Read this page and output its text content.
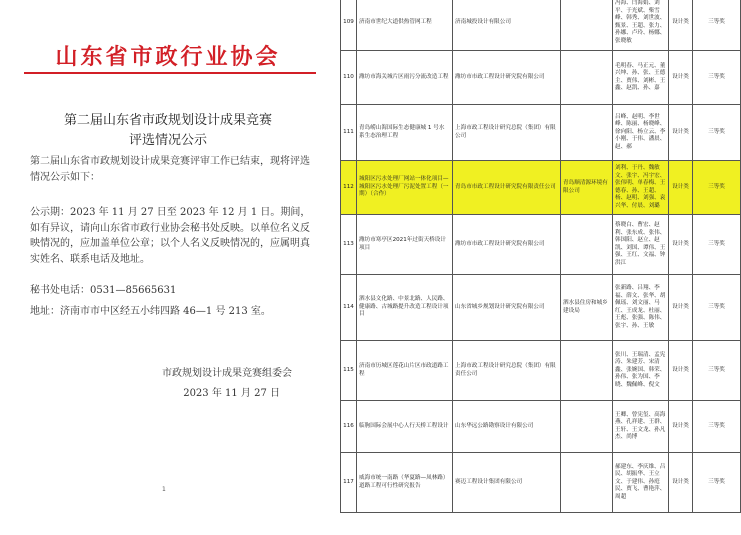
山东省市政行业协会
第二届山东省市政规划设计成果竞赛
评选情况公示
第二届山东省市政规划设计成果竞赛评审工作已结束，现将评选情况公示如下：
公示期：2023 年 11 月 27 日至 2023 年 12 月 1 日。期间，如有异议，请向山东省市政行业协会秘书处反映。以单位名义反映情况的，应加盖单位公章；以个人名义反映情况的，应属明真实姓名、联系电话及地址。
秘书处电话：0531—85665631
地址：济南市市中区经五小纬四路 46—1 号 213 室。
市政规划设计成果竞赛组委会
2023 年 11 月 27 日
1
109	济南市世纪大道供热管网工程	济南城投设计有限公司		冯海、闫海娟、刘平、于光斌、柴雪峰、韩秀、刘世波、甄景、王超、张力、孙娜、卢玲、杨娜、张晓敏	设计类	三等奖
110	潍坊市海关城片区雨污分流改造工程	潍坊市市政工程设计研究院有限公司		毛明春、马正元、董兴坤、孙、张、王德主、贾伟、刘彬、王鑫、赵凯、孙、嘉	设计类	三等奖
111	青岛崂山海国际生态健康城 1 号水系生态治理工程	上海市政工程设计研究总院（集团）有限公司		吕峰、赵明、李世峰、陈丽、杨晓峰、徐向阳、杨立云、李小刚、于伟、潘晨、赵、郝	设计类	三等奖
112	城阳区污水处理厂网站一体化项目—城阳区污水处理厂污泥处置工程（一期）（合作）	青岛市市政工程设计研究院有限责任公司	青岛顺清源环境有限公司	刘利、于丹、魏敏文、张宇、冯宇宏、张伟明、单春梅、王德春、孙、王超、杨、赵明、刘强、袁兴华、付晨、刘璐	设计类	三等奖
113	潍坊市寒亭区2021年过街天桥设计项目	潍坊市市政工程设计研究院有限公司		蔡晓白、曹宏、赵利、张东成、张伟、韩国阳、赵立、赵凯、刘国、谭伟、王强、王红、文福、钟洪江	设计类	三等奖
114	泗水县文化路、中景北路、人民路、健康路、古城路提升改造工程设计项目	山东省城乡规划设计研究院有限公司	泗水县住房和城乡建设局	张新路、吕翔、李福、薛文、张华、胡佩瑶、刘文丽、马红、王成龙、杜丽、王彪、张强、陈伟、张宇、孙、王敏	设计类	三等奖
115	济南市历城区莲花山片区市政道路工程	上海市政工程设计研究总院（集团）有限责任公司		张川、王瑞清、孟宪涛、朱建芳、宋清鑫、张婉国、韩荣、孙伟、张为国、李晓、魏佩峰、倪文	设计类	三等奖
116	临朐国际会展中心人行天桥工程设计	山东华远公路勘察设计有限公司		王卿、曾宪玺、高海燕、孔祥建、王群、王轩、王文龙、孙凡杰、尚博	设计类	三等奖
117	威海市统一南路（华夏路—凤林路）道路工程可行性研究报告	赛迈工程设计集团有限公司		郝建东、李庆维、吕民、胡振华、王立文、于建伟、孙庭民、贾飞、曹艳萍、周超	设计类	三等奖
